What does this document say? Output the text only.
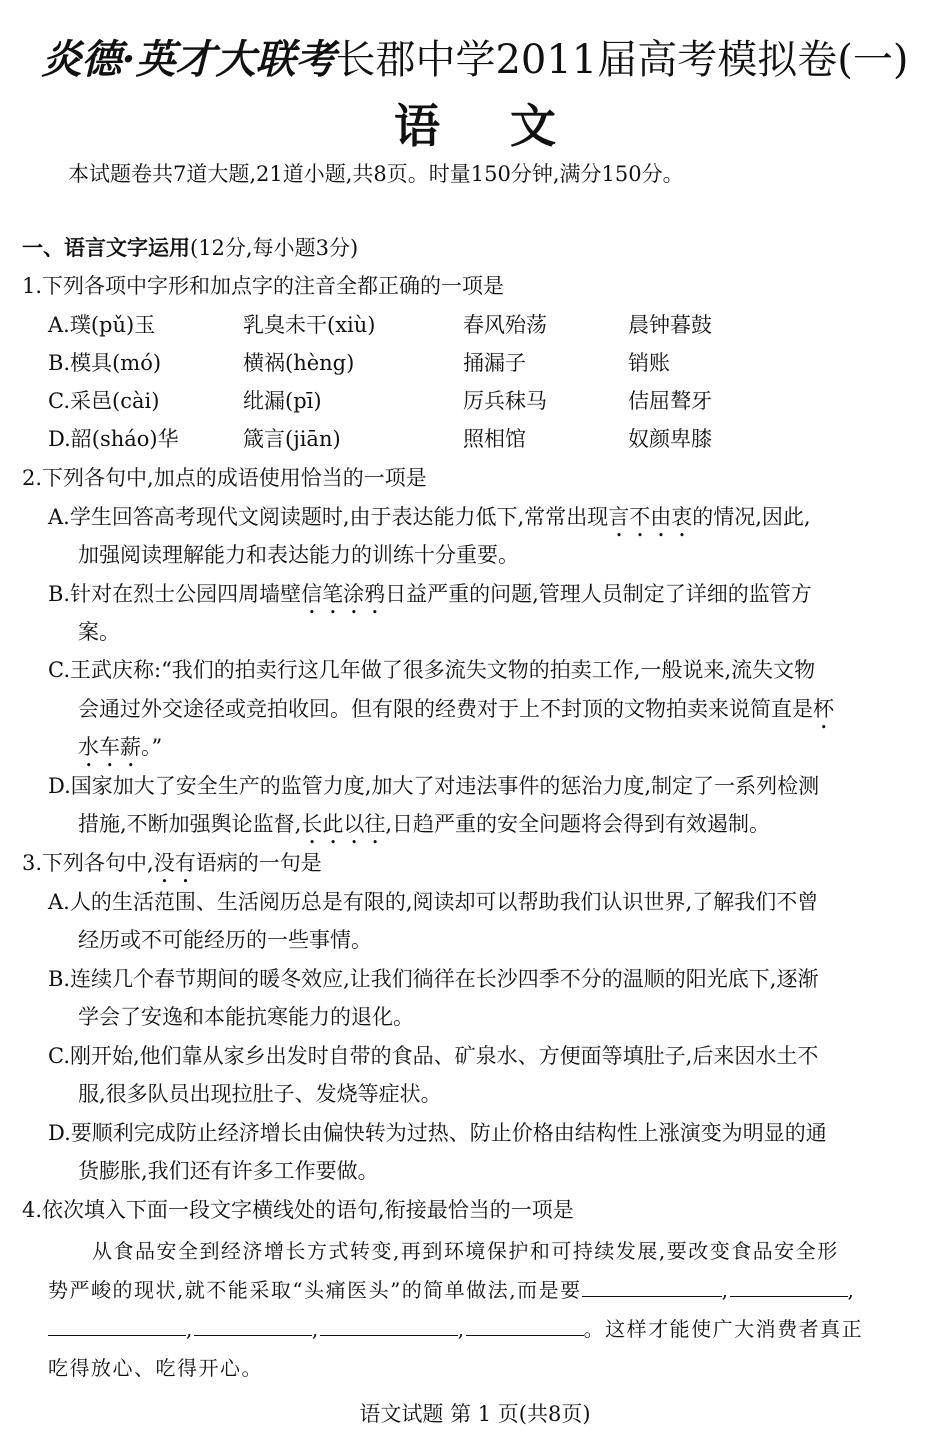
炎德·英才大联考长郡中学2011届高考模拟卷(一)
语文
本试题卷共7道大题,21道小题,共8页。时量150分钟,满分150分。
一、语言文字运用(12分,每小题3分)
1.下列各项中字形和加点字的注音全都正确的一项是
A.璞(pǔ)玉	乳臭未干(xiù)	春风殆荡	晨钟暮鼓
B.模具(mó)	横祸(hèng)	捅漏子	销账
C.采邑(cài)	纰漏(pī)	厉兵秣马	佶屈聱牙
D.韶(sháo)华	箴言(jiān)	照相馆	奴颜卑膝
2.下列各句中,加点的成语使用恰当的一项是
A.学生回答高考现代文阅读题时,由于表达能力低下,常常出现言不由衷的情况,因此,
加强阅读理解能力和表达能力的训练十分重要。
B.针对在烈士公园四周墙壁信笔涂鸦日益严重的问题,管理人员制定了详细的监管方
案。
C.王武庆称:“我们的拍卖行这几年做了很多流失文物的拍卖工作,一般说来,流失文物
会通过外交途径或竞拍收回。但有限的经费对于上不封顶的文物拍卖来说简直是杯
水车薪。”
D.国家加大了安全生产的监管力度,加大了对违法事件的惩治力度,制定了一系列检测
措施,不断加强舆论监督,长此以往,日趋严重的安全问题将会得到有效遏制。
3.下列各句中,没有语病的一句是
A.人的生活范围、生活阅历总是有限的,阅读却可以帮助我们认识世界,了解我们不曾
经历或不可能经历的一些事情。
B.连续几个春节期间的暖冬效应,让我们徜徉在长沙四季不分的温顺的阳光底下,逐渐
学会了安逸和本能抗寒能力的退化。
C.刚开始,他们靠从家乡出发时自带的食品、矿泉水、方便面等填肚子,后来因水土不
服,很多队员出现拉肚子、发烧等症状。
D.要顺利完成防止经济增长由偏快转为过热、防止价格由结构性上涨演变为明显的通
货膨胀,我们还有许多工作要做。
4.依次填入下面一段文字横线处的语句,衔接最恰当的一项是
从食品安全到经济增长方式转变,再到环境保护和可持续发展,要改变食品安全形
势严峻的现状,就不能采取“头痛医头”的简单做法,而是要	,	,
,	,	,	。这样才能使广大消费者真正
吃得放心、吃得开心。
语文试题 第 1 页(共8页)
